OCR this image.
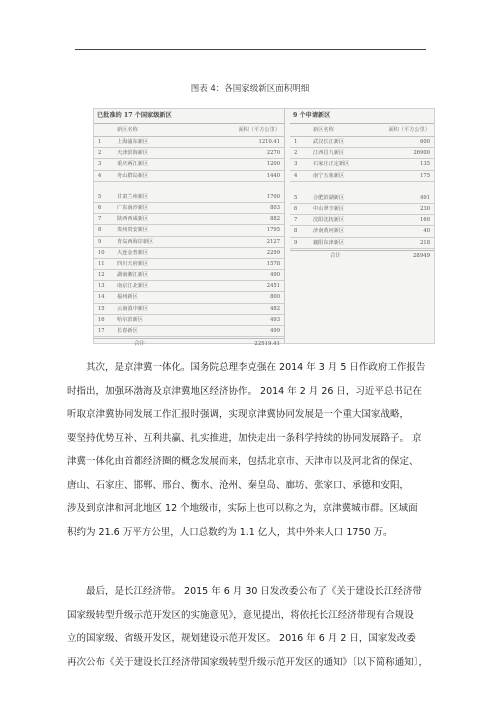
图表 4：各国家级新区面积明细
已批准的 17 个国家级新区
新区名称	面积（平方公里）
1	上海浦东新区	1210.41
2	天津滨海新区	2270
3	重庆两江新区	1200
4	舟山群岛新区	1440
5	甘肃兰州新区	1700
6	广东南沙新区	803
7	陕西西咸新区	882
8	贵州贵安新区	1795
9	青岛西海岸新区	2127
10	大连金普新区	2299
11	四川天府新区	1578
12	湖南湘江新区	490
13	南京江北新区	2451
14	福州新区	800
15	云南滇中新区	482
16	哈尔滨新区	493
17	长春新区	499
合计	22519.41
9 个申请新区
新区名称	面积（平方公里）
1	武汉长江新区	600
2	江西昌九新区	26900
3	石家庄正定新区	135
4	南宁五象新区	175
5	合肥滨湖新区	491
6	中山翠亨新区	230
7	沈阳沈抚新区	160
8	济南黄河新区	40
9	襄阳东津新区	218
合计	28949
其次，是京津冀一体化。国务院总理李克强在 2014 年 3 月 5 日作政府工作报告
时指出，加强环渤海及京津冀地区经济协作。 2014 年 2 月 26 日，习近平总书记在
听取京津冀协同发展工作汇报时强调，实现京津冀协同发展是一个重大国家战略，
要坚持优势互补、互利共赢、扎实推进，加快走出一条科学持续的协同发展路子。 京
津冀一体化由首都经济圈的概念发展而来，包括北京市、天津市以及河北省的保定、
唐山、石家庄、邯郸、邢台、衡水、沧州、秦皇岛、廊坊、张家口、承德和安阳，
涉及到京津和河北地区 12 个地级市，实际上也可以称之为，京津冀城市群。区域面
积约为 21.6 万平方公里，人口总数约为 1.1 亿人，其中外来人口 1750 万。
最后，是长江经济带。 2015 年 6 月 30 日发改委公布了《关于建设长江经济带
国家级转型升级示范开发区的实施意见》，意见提出，将依托长江经济带现有合规设
立的国家级、省级开发区，规划建设示范开发区。 2016 年 6 月 2 日，国家发改委
再次公布《关于建设长江经济带国家级转型升级示范开发区的通知》〔以下简称通知〕，
